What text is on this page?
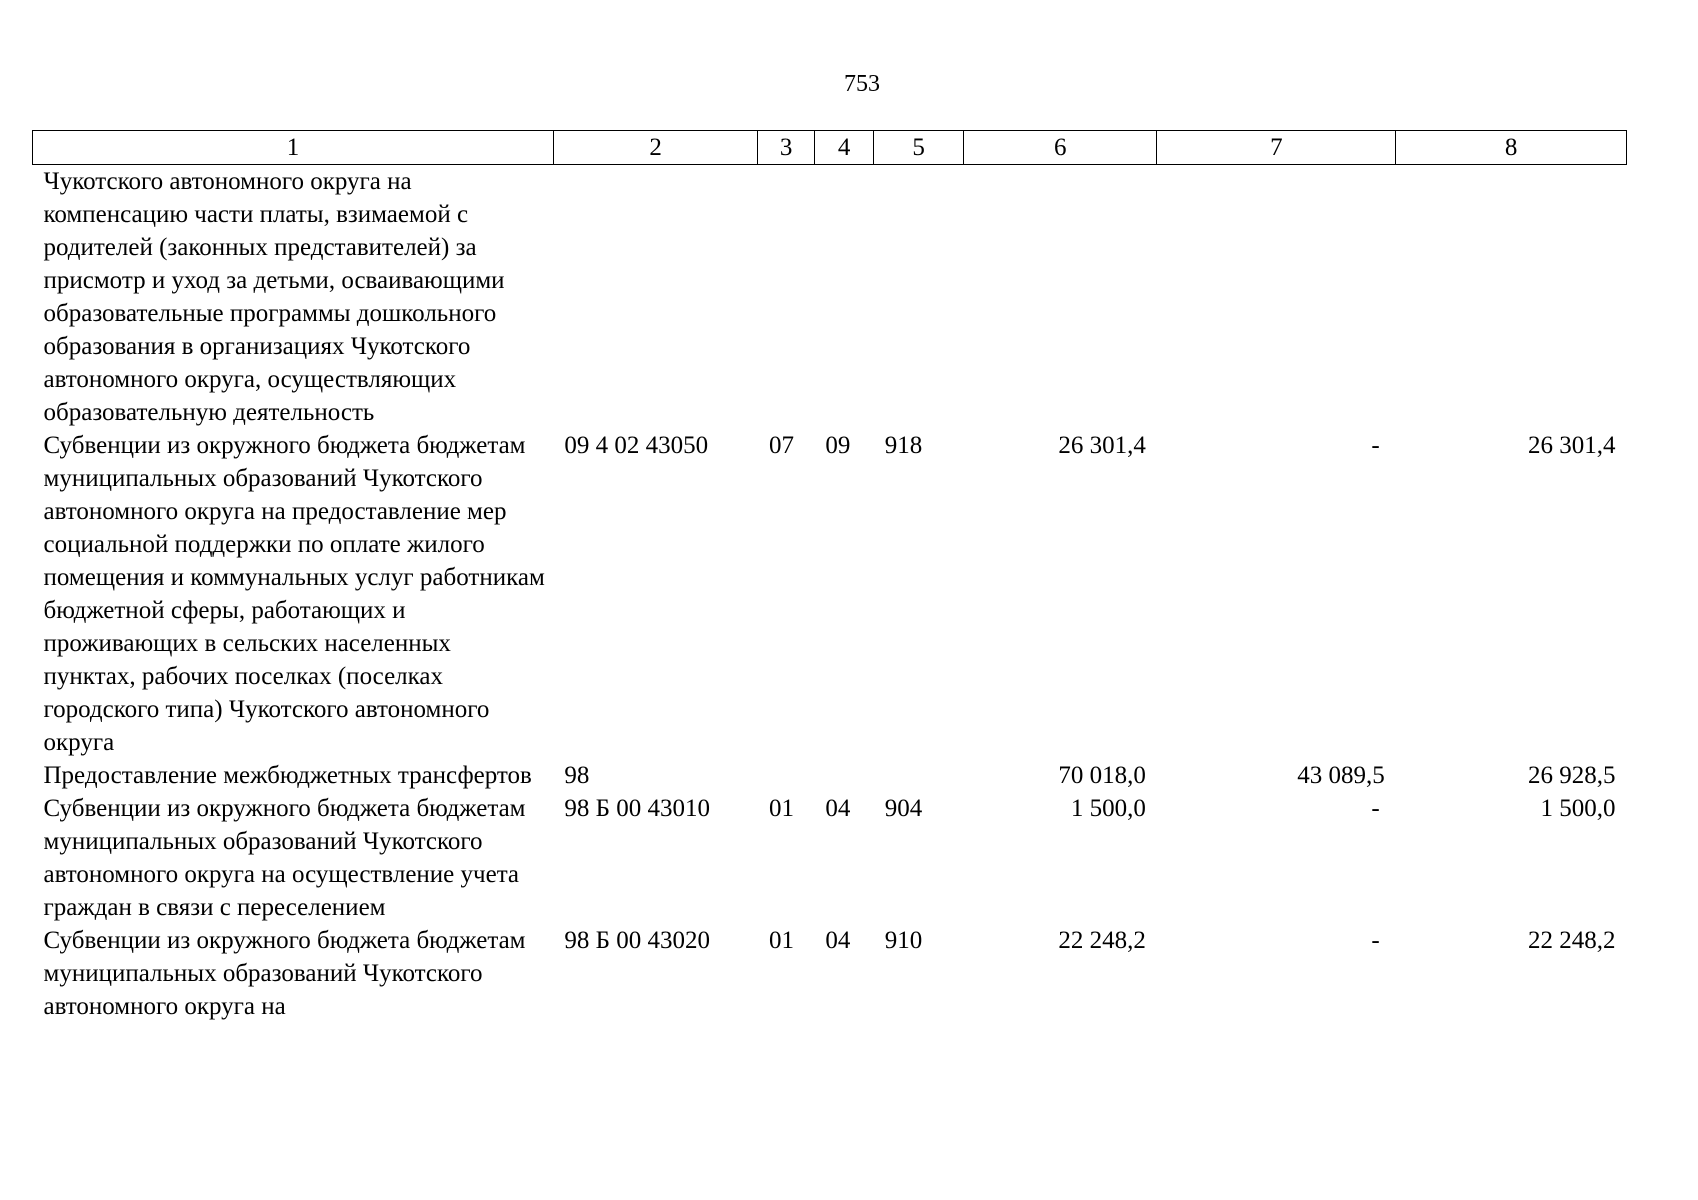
753
1	2	3	4	5	6	7	8
Чукотского автономного округа на компенсацию части платы, взимаемой с родителей (законных представителей) за присмотр и уход за детьми, осваивающими образовательные программы дошкольного образования в организациях Чукотского автономного округа, осуществляющих образовательную деятельность							
Субвенции из окружного бюджета бюджетам муниципальных образований Чукотского автономного округа на предоставление мер социальной поддержки по оплате жилого помещения и коммунальных услуг работникам бюджетной сферы, работающих и проживающих в сельских населенных пунктах, рабочих поселках (поселках городского типа) Чукотского автономного округа	09 4 02 43050	07	09	918	26 301,4	-	26 301,4
Предоставление межбюджетных трансфертов	98				70 018,0	43 089,5	26 928,5
Субвенции из окружного бюджета бюджетам муниципальных образований Чукотского автономного округа на осуществление учета граждан в связи с переселением	98 Б 00 43010	01	04	904	1 500,0	-	1 500,0
Субвенции из окружного бюджета бюджетам муниципальных образований Чукотского автономного округа на	98 Б 00 43020	01	04	910	22 248,2	-	22 248,2
